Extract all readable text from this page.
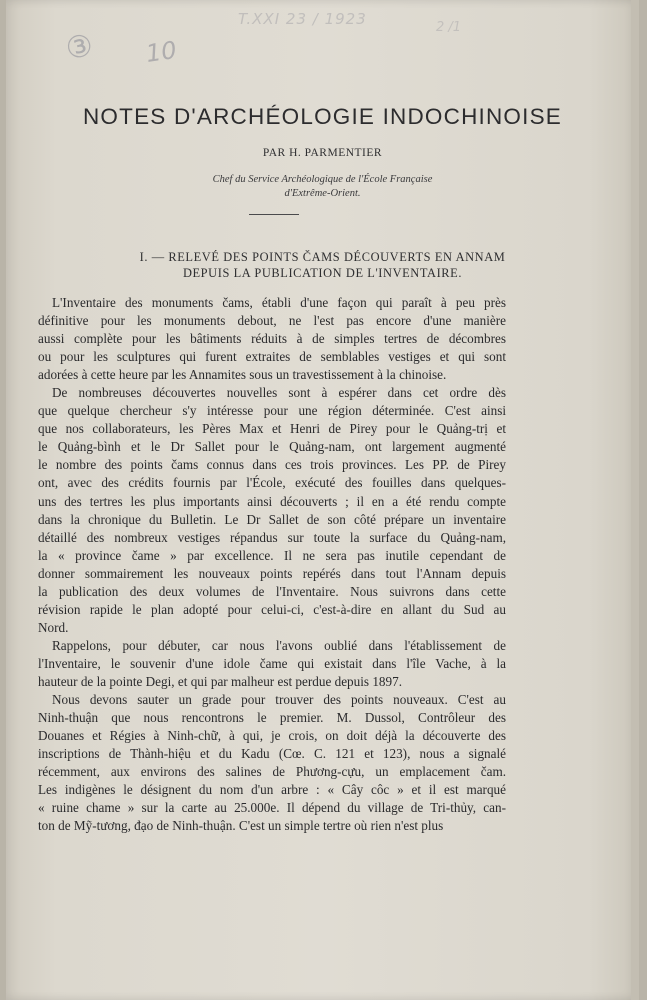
③ 10
T.XXI 23 / 1923	2 /1
NOTES D'ARCHÉOLOGIE INDOCHINOISE
PAR H. PARMENTIER
Chef du Service Archéologique de l'École Française
d'Extrême-Orient.
I. — RELEVÉ DES POINTS ČAMS DÉCOUVERTS EN ANNAM
DEPUIS LA PUBLICATION DE L'INVENTAIRE.
L'Inventaire des monuments čams, établi d'une façon qui paraît à peu près
définitive pour les monuments debout, ne l'est pas encore d'une manière
aussi complète pour les bâtiments réduits à de simples tertres de décombres
ou pour les sculptures qui furent extraites de semblables vestiges et qui sont
adorées à cette heure par les Annamites sous un travestissement à la chinoise.
De nombreuses découvertes nouvelles sont à espérer dans cet ordre dès
que quelque chercheur s'y intéresse pour une région déterminée. C'est ainsi
que nos collaborateurs, les Pères Max et Henri de Pirey pour le Quảng-trị et
le Quảng-bình et le Dr Sallet pour le Quảng-nam, ont largement augmenté
le nombre des points čams connus dans ces trois provinces. Les PP. de Pirey
ont, avec des crédits fournis par l'École, exécuté des fouilles dans quelques-
uns des tertres les plus importants ainsi découverts ; il en a été rendu compte
dans la chronique du Bulletin. Le Dr Sallet de son côté prépare un inventaire
détaillé des nombreux vestiges répandus sur toute la surface du Quảng-nam,
la « province čame » par excellence. Il ne sera pas inutile cependant de
donner sommairement les nouveaux points repérés dans tout l'Annam depuis
la publication des deux volumes de l'Inventaire. Nous suivrons dans cette
révision rapide le plan adopté pour celui-ci, c'est-à-dire en allant du Sud au
Nord.
Rappelons, pour débuter, car nous l'avons oublié dans l'établissement de
l'Inventaire, le souvenir d'une idole čame qui existait dans l'île Vache, à la
hauteur de la pointe Degi, et qui par malheur est perdue depuis 1897.
Nous devons sauter un grade pour trouver des points nouveaux. C'est au
Ninh-thuận que nous rencontrons le premier. M. Dussol, Contrôleur des
Douanes et Régies à Ninh-chữ, à qui, je crois, on doit déjà la découverte des
inscriptions de Thành-hiệu et du Kadu (Cœ. C. 121 et 123), nous a signalé
récemment, aux environs des salines de Phương-cựu, un emplacement čam.
Les indigènes le désignent du nom d'un arbre : « Cây côc » et il est marqué
« ruine chame » sur la carte au 25.000e. Il dépend du village de Tri-thủy, can-
ton de Mỹ-tương, đạo de Ninh-thuận. C'est un simple tertre où rien n'est plus
